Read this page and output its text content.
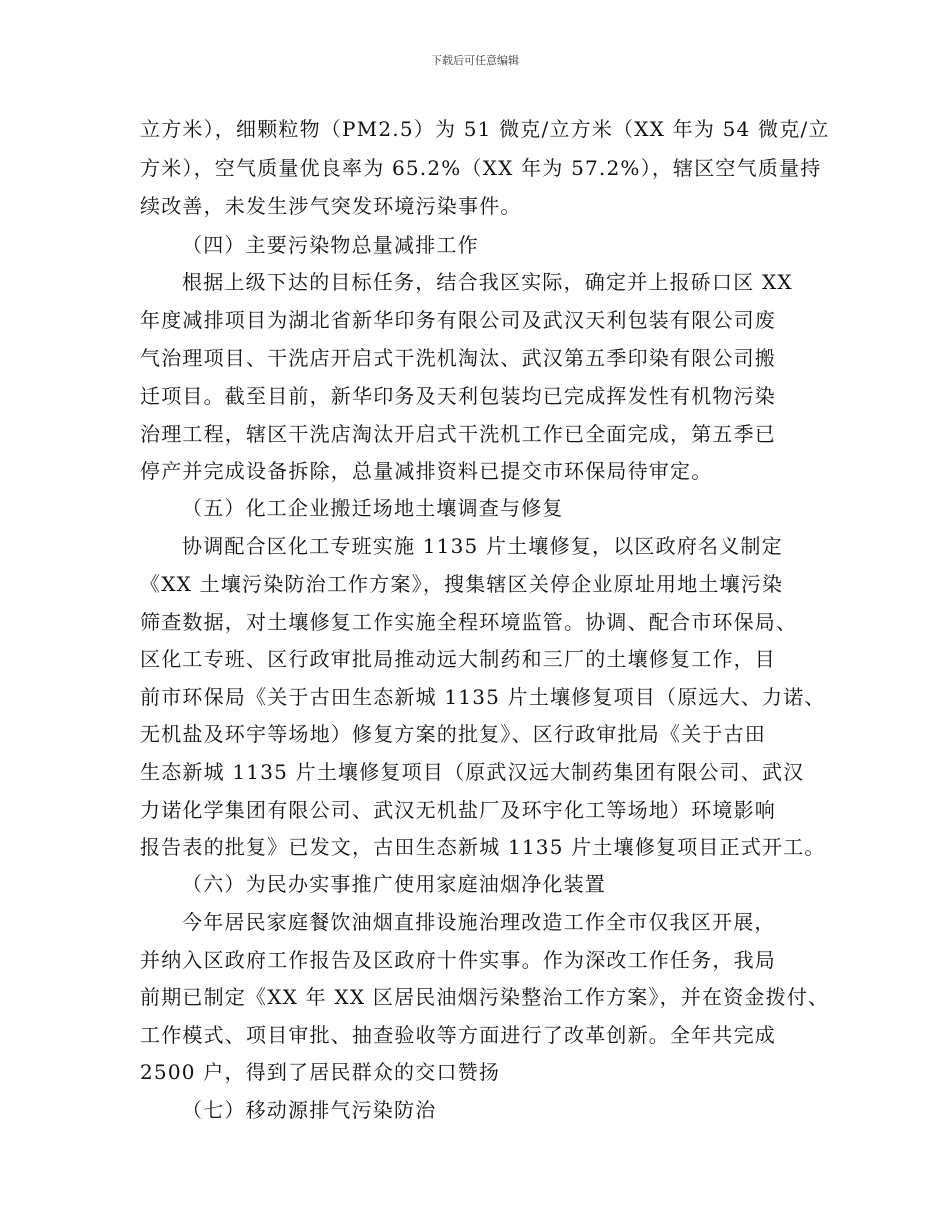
下载后可任意编辑
立方米），细颗粒物（PM2.5）为 51 微克/立方米（XX 年为 54 微克/立
方米），空气质量优良率为 65.2%（XX 年为 57.2%），辖区空气质量持
续改善，未发生涉气突发环境污染事件。
（四）主要污染物总量减排工作
根据上级下达的目标任务，结合我区实际，确定并上报硚口区 XX
年度减排项目为湖北省新华印务有限公司及武汉天利包装有限公司废
气治理项目、干洗店开启式干洗机淘汰、武汉第五季印染有限公司搬
迁项目。截至目前，新华印务及天利包装均已完成挥发性有机物污染
治理工程，辖区干洗店淘汰开启式干洗机工作已全面完成，第五季已
停产并完成设备拆除，总量减排资料已提交市环保局待审定。
（五）化工企业搬迁场地土壤调查与修复
协调配合区化工专班实施 1135 片土壤修复，以区政府名义制定
《XX 土壤污染防治工作方案》，搜集辖区关停企业原址用地土壤污染
筛查数据，对土壤修复工作实施全程环境监管。协调、配合市环保局、
区化工专班、区行政审批局推动远大制药和三厂的土壤修复工作，目
前市环保局《关于古田生态新城 1135 片土壤修复项目（原远大、力诺、
无机盐及环宇等场地）修复方案的批复》、区行政审批局《关于古田
生态新城 1135 片土壤修复项目（原武汉远大制药集团有限公司、武汉
力诺化学集团有限公司、武汉无机盐厂及环宇化工等场地）环境影响
报告表的批复》已发文，古田生态新城 1135 片土壤修复项目正式开工。
（六）为民办实事推广使用家庭油烟净化装置
今年居民家庭餐饮油烟直排设施治理改造工作全市仅我区开展，
并纳入区政府工作报告及区政府十件实事。作为深改工作任务，我局
前期已制定《XX 年 XX 区居民油烟污染整治工作方案》，并在资金拨付、
工作模式、项目审批、抽查验收等方面进行了改革创新。全年共完成
2500 户，得到了居民群众的交口赞扬
（七）移动源排气污染防治
